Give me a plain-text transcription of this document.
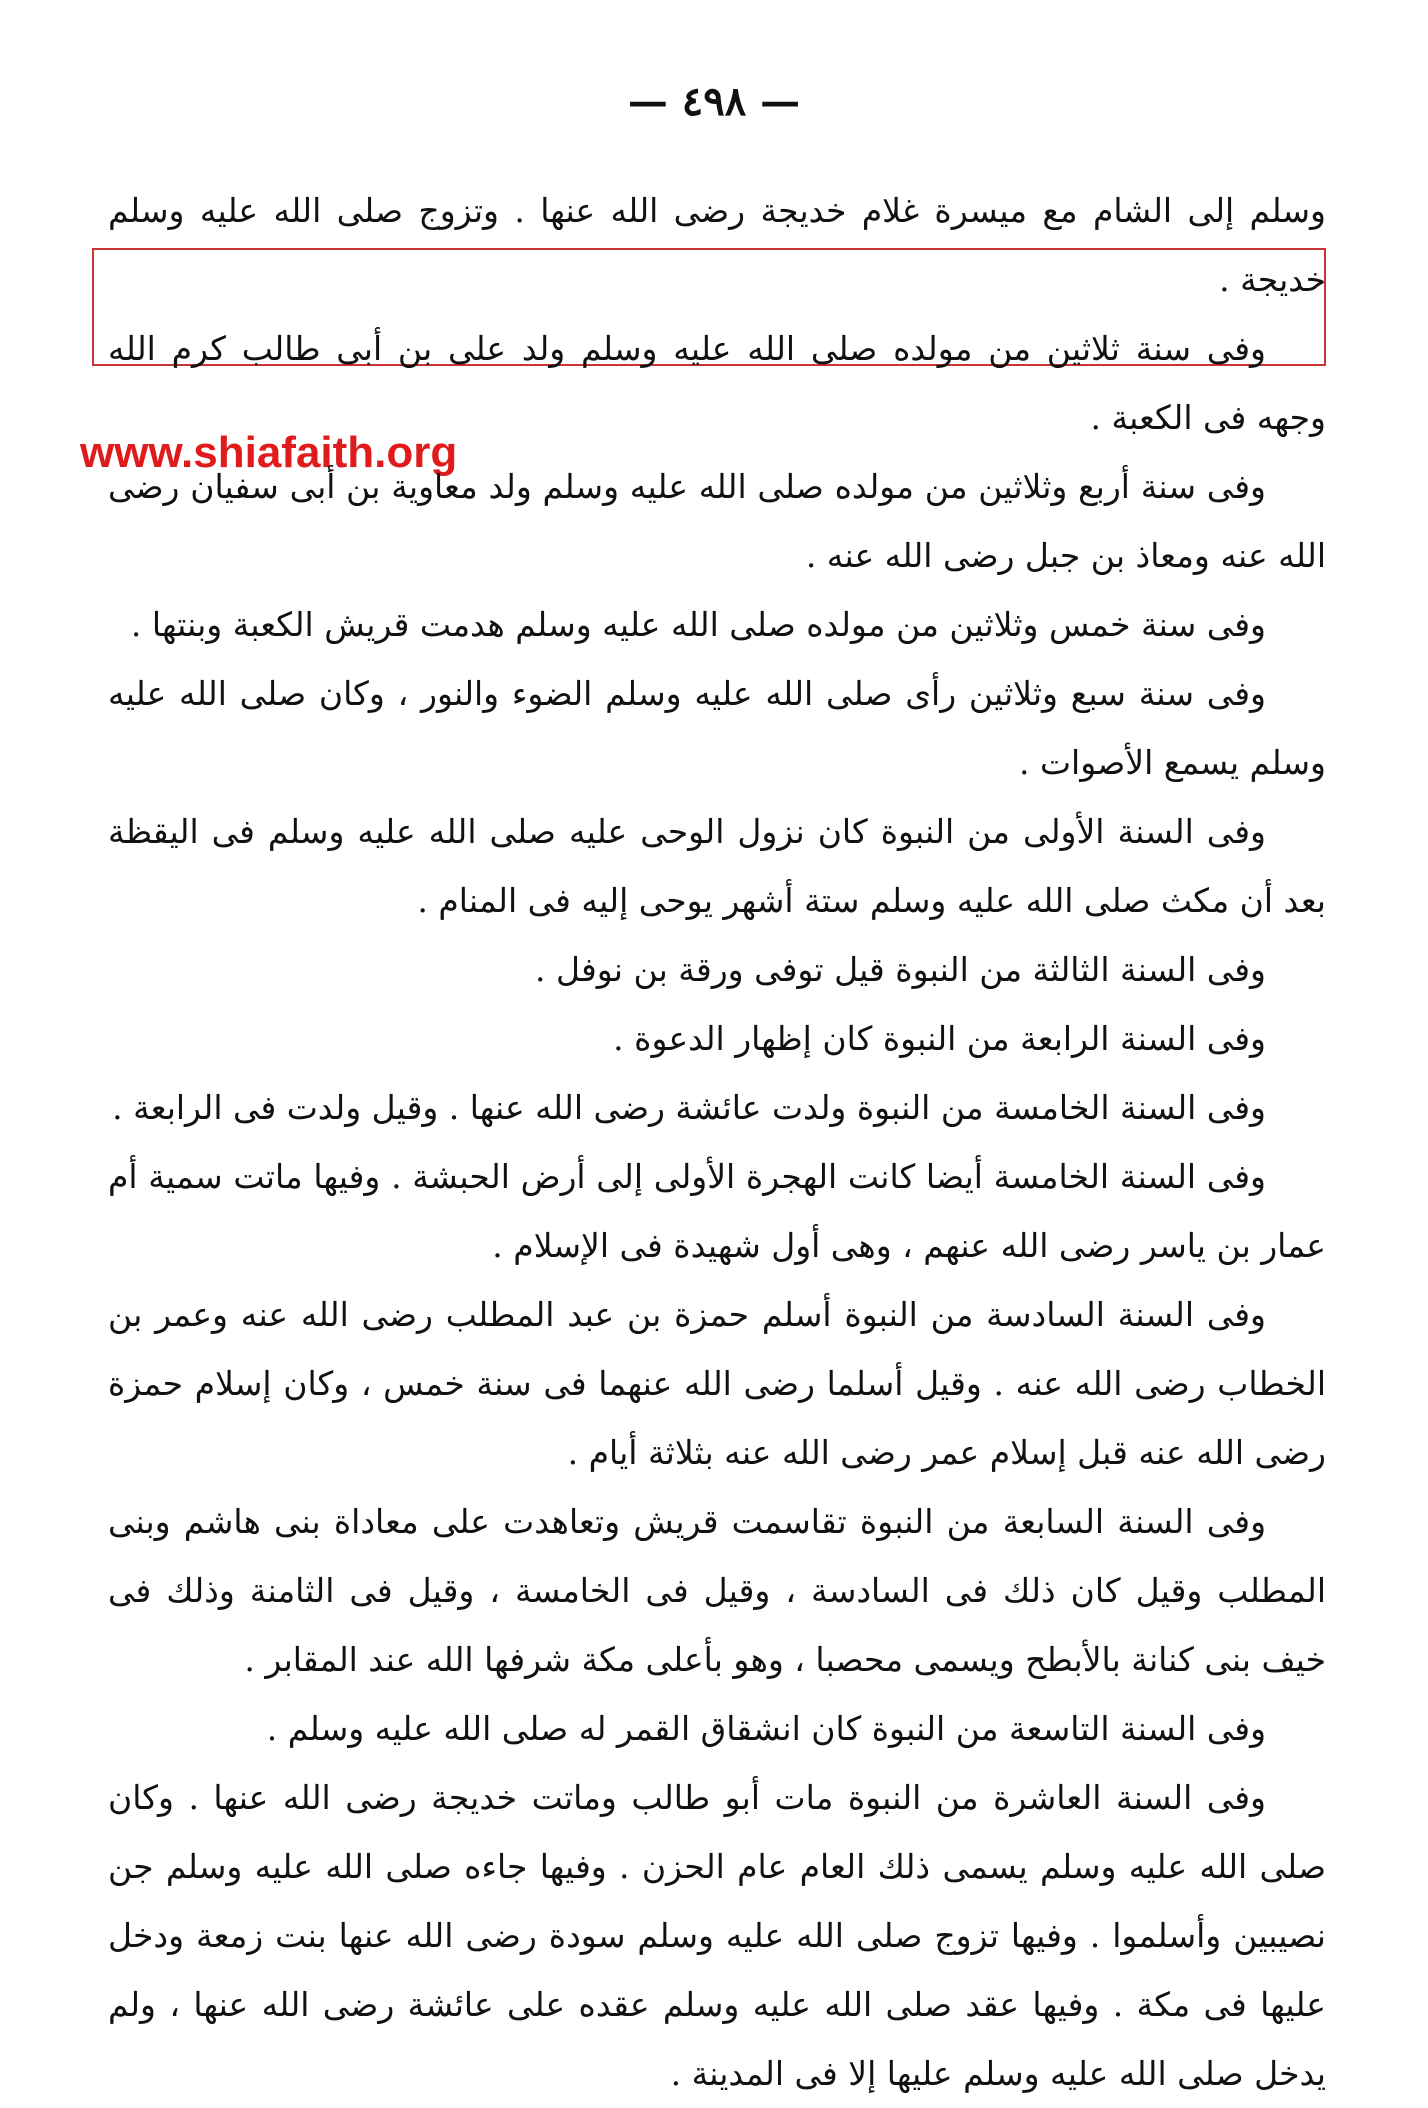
— ٤٩٨ —
www.shiafaith.org

وسلم إلى الشام مع ميسرة غلام خديجة رضى الله عنها . وتزوج صلى الله عليه وسلم خديجة .

وفى سنة ثلاثين من مولده صلى الله عليه وسلم ولد على بن أبى طالب كرم الله وجهه فى الكعبة .

وفى سنة أربع وثلاثين من مولده صلى الله عليه وسلم ولد معاوية بن أبى سفيان رضى الله عنه ومعاذ بن جبل رضى الله عنه .

وفى سنة خمس وثلاثين من مولده صلى الله عليه وسلم هدمت قريش الكعبة وبنتها .

وفى سنة سبع وثلاثين رأى صلى الله عليه وسلم الضوء والنور ، وكان صلى الله عليه وسلم يسمع الأصوات .

وفى السنة الأولى من النبوة كان نزول الوحى عليه صلى الله عليه وسلم فى اليقظة بعد أن مكث صلى الله عليه وسلم ستة أشهر يوحى إليه فى المنام .

وفى السنة الثالثة من النبوة قيل توفى ورقة بن نوفل .

وفى السنة الرابعة من النبوة كان إظهار الدعوة .

وفى السنة الخامسة من النبوة ولدت عائشة رضى الله عنها . وقيل ولدت فى الرابعة .

وفى السنة الخامسة أيضا كانت الهجرة الأولى إلى أرض الحبشة . وفيها ماتت سمية أم عمار بن ياسر رضى الله عنهم ، وهى أول شهيدة فى الإسلام .

وفى السنة السادسة من النبوة أسلم حمزة بن عبد المطلب رضى الله عنه وعمر بن الخطاب رضى الله عنه . وقيل أسلما رضى الله عنهما فى سنة خمس ، وكان إسلام حمزة رضى الله عنه قبل إسلام عمر رضى الله عنه بثلاثة أيام .

وفى السنة السابعة من النبوة تقاسمت قريش وتعاهدت على معاداة بنى هاشم وبنى المطلب وقيل كان ذلك فى السادسة ، وقيل فى الخامسة ، وقيل فى الثامنة وذلك فى خيف بنى كنانة بالأبطح ويسمى محصبا ، وهو بأعلى مكة شرفها الله عند المقابر .

وفى السنة التاسعة من النبوة كان انشقاق القمر له صلى الله عليه وسلم .

وفى السنة العاشرة من النبوة مات أبو طالب وماتت خديجة رضى الله عنها . وكان صلى الله عليه وسلم يسمى ذلك العام عام الحزن . وفيها جاءه صلى الله عليه وسلم جن نصيبين وأسلموا . وفيها تزوج صلى الله عليه وسلم سودة رضى الله عنها بنت زمعة ودخل عليها فى مكة . وفيها عقد صلى الله عليه وسلم عقده على عائشة رضى الله عنها ، ولم يدخل صلى الله عليه وسلم عليها إلا فى المدينة .
